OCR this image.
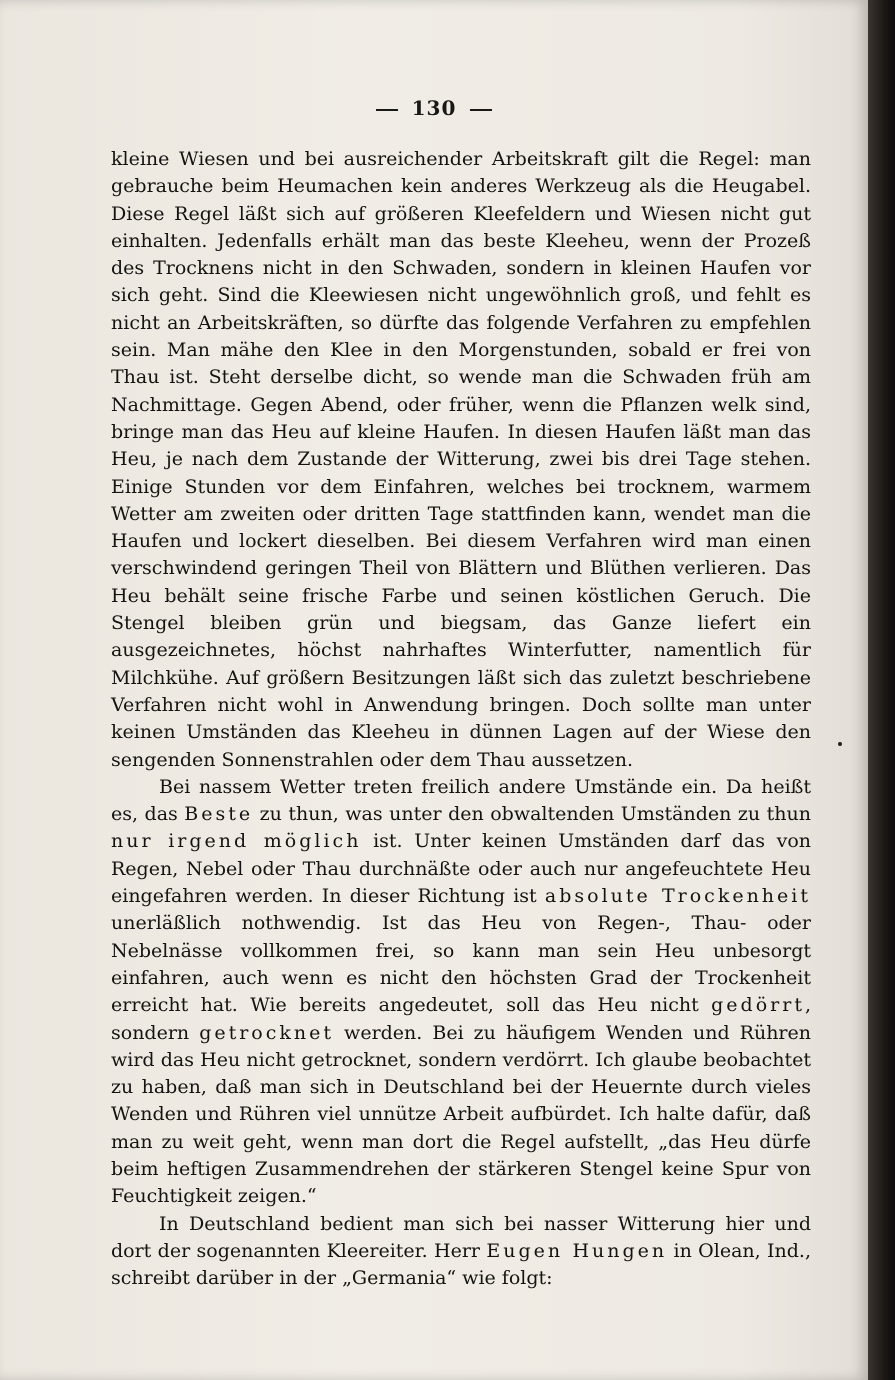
130

kleine Wiesen und bei ausreichender Arbeitskraft gilt die Regel: man gebrauche beim Heumachen kein anderes Werkzeug als die Heugabel. Diese Regel läßt sich auf größeren Kleefeldern und Wiesen nicht gut einhalten. Jedenfalls erhält man das beste Kleeheu, wenn der Prozeß des Trocknens nicht in den Schwaden, sondern in kleinen Haufen vor sich geht. Sind die Kleewiesen nicht ungewöhnlich groß, und fehlt es nicht an Arbeitskräften, so dürfte das folgende Verfahren zu empfehlen sein. Man mähe den Klee in den Morgenstunden, sobald er frei von Thau ist. Steht derselbe dicht, so wende man die Schwaden früh am Nachmittage. Gegen Abend, oder früher, wenn die Pflanzen welk sind, bringe man das Heu auf kleine Haufen. In diesen Haufen läßt man das Heu, je nach dem Zustande der Witterung, zwei bis drei Tage stehen. Einige Stunden vor dem Einfahren, welches bei trocknem, warmem Wetter am zweiten oder dritten Tage stattfinden kann, wendet man die Haufen und lockert dieselben. Bei diesem Verfahren wird man einen verschwindend geringen Theil von Blättern und Blüthen verlieren. Das Heu behält seine frische Farbe und seinen köstlichen Geruch. Die Stengel bleiben grün und biegsam, das Ganze liefert ein ausgezeichnetes, höchst nahrhaftes Winterfutter, namentlich für Milchkühe. Auf größern Besitzungen läßt sich das zuletzt beschriebene Verfahren nicht wohl in Anwendung bringen. Doch sollte man unter keinen Umständen das Kleeheu in dünnen Lagen auf der Wiese den sengenden Sonnenstrahlen oder dem Thau aussetzen.

Bei nassem Wetter treten freilich andere Umstände ein. Da heißt es, das Beste zu thun, was unter den obwaltenden Umständen zu thun nur irgend möglich ist. Unter keinen Umständen darf das von Regen, Nebel oder Thau durchnäßte oder auch nur angefeuchtete Heu eingefahren werden. In dieser Richtung ist absolute Trockenheit unerläßlich nothwendig. Ist das Heu von Regen-, Thau- oder Nebelnässe vollkommen frei, so kann man sein Heu unbesorgt einfahren, auch wenn es nicht den höchsten Grad der Trockenheit erreicht hat. Wie bereits angedeutet, soll das Heu nicht gedörrt, sondern getrocknet werden. Bei zu häufigem Wenden und Rühren wird das Heu nicht getrocknet, sondern verdörrt. Ich glaube beobachtet zu haben, daß man sich in Deutschland bei der Heuernte durch vieles Wenden und Rühren viel unnütze Arbeit aufbürdet. Ich halte dafür, daß man zu weit geht, wenn man dort die Regel aufstellt, „das Heu dürfe beim heftigen Zusammendrehen der stärkeren Stengel keine Spur von Feuchtigkeit zeigen.“

In Deutschland bedient man sich bei nasser Witterung hier und dort der sogenannten Kleereiter. Herr Eugen Hungen in Olean, Ind., schreibt darüber in der „Germania“ wie folgt:
